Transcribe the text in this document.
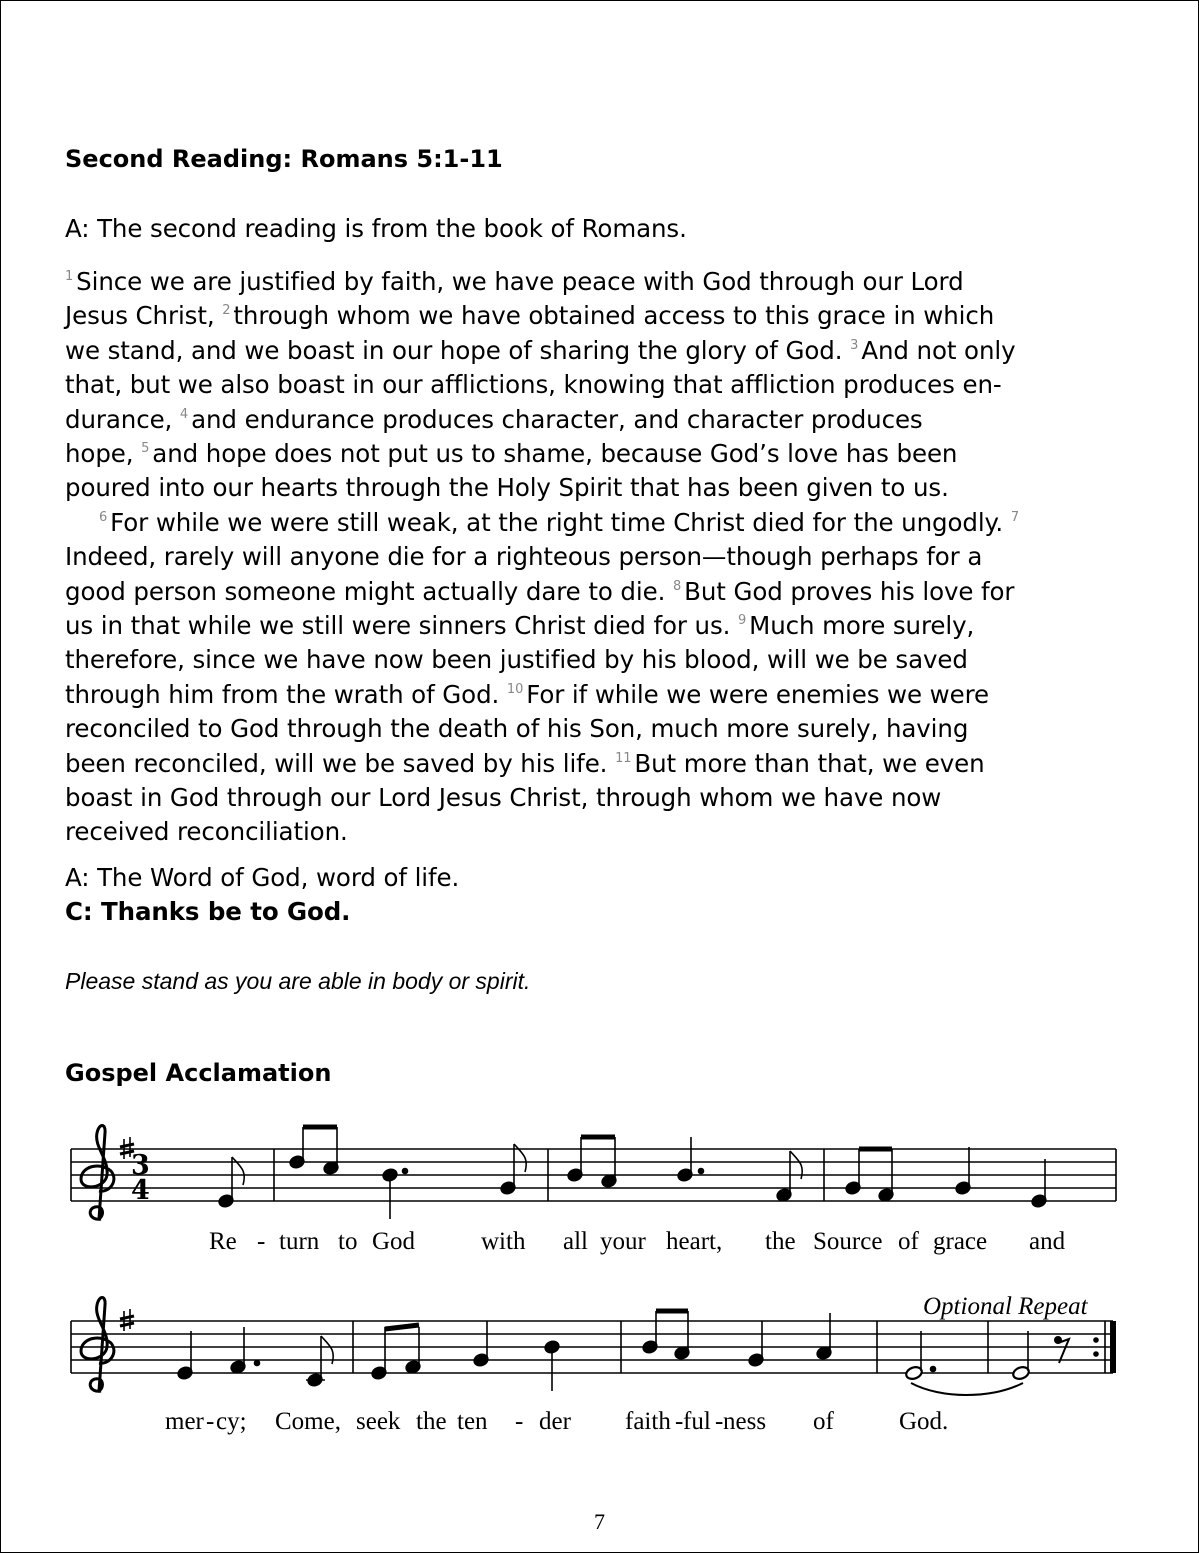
Second Reading: Romans 5:1-11

A: The second reading is from the book of Romans.

$^1$ Since we are justified by faith, we have peace with God through our Lord

Jesus Christ, $^2$ through whom we have obtained access to this grace in which

we stand, and we boast in our hope of sharing the glory of God. $^3$ And not only

that, but we also boast in our afflictions, knowing that affliction produces en-

durance, $^4$ and endurance produces character, and character produces

hope, $^5$ and hope does not put us to shame, because God’s love has been

poured into our hearts through the Holy Spirit that has been given to us.

$^6$ For while we were still weak, at the right time Christ died for the ungodly. $^7$

Indeed, rarely will anyone die for a righteous person—though perhaps for a

good person someone might actually dare to die. $^8$ But God proves his love for

us in that while we still were sinners Christ died for us. $^9$ Much more surely,

therefore, since we have now been justified by his blood, will we be saved

through him from the wrath of God. $^{10}$ For if while we were enemies we were

reconciled to God through the death of his Son, much more surely, having

been reconciled, will we be saved by his life. $^{11}$ But more than that, we even

boast in God through our Lord Jesus Christ, through whom we have now

received reconciliation.

A: The Word of God, word of life.

C: Thanks be to God.

Please stand as you are able in body or spirit.

Gospel Acclamation
3
4
Re - turn to God	with all your heart, the Source of grace and
Optional Repeat
mer - cy; Come, seek the ten - der faith - ful - ness of	God.

7
